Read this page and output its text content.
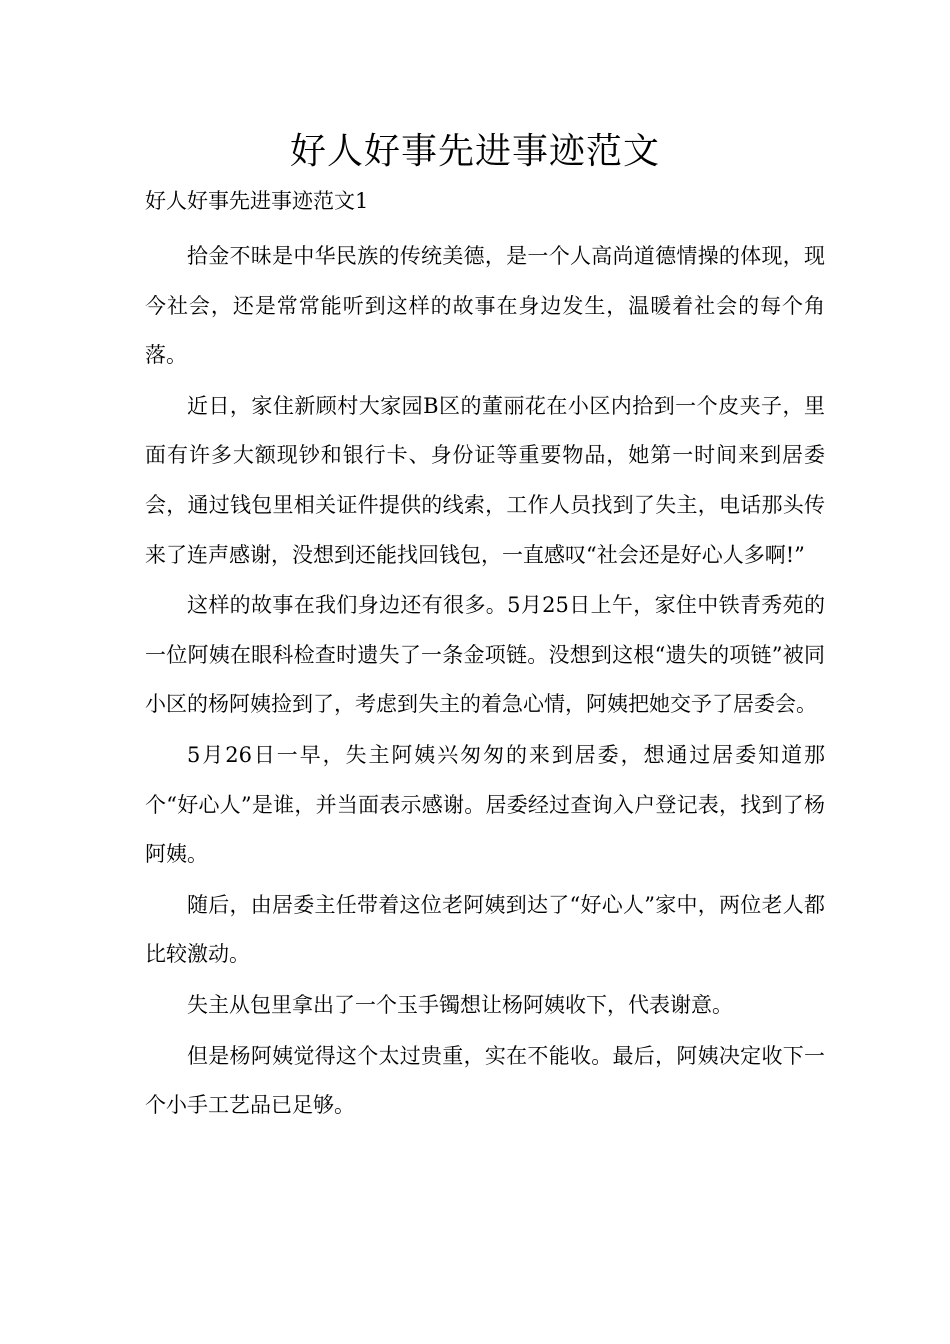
好人好事先进事迹范文

好人好事先进事迹范文1

拾金不昧是中华民族的传统美德，是一个人高尚道德情操的体现，现今社会，还是常常能听到这样的故事在身边发生，温暖着社会的每个角落。

近日，家住新顾村大家园B区的董丽花在小区内拾到一个皮夹子，里面有许多大额现钞和银行卡、身份证等重要物品，她第一时间来到居委会，通过钱包里相关证件提供的线索，工作人员找到了失主，电话那头传来了连声感谢，没想到还能找回钱包，一直感叹“社会还是好心人多啊!”

这样的故事在我们身边还有很多。5月25日上午，家住中铁青秀苑的一位阿姨在眼科检查时遗失了一条金项链。没想到这根“遗失的项链”被同小区的杨阿姨捡到了，考虑到失主的着急心情，阿姨把她交予了居委会。

5月26日一早，失主阿姨兴匆匆的来到居委，想通过居委知道那个“好心人”是谁，并当面表示感谢。居委经过查询入户登记表，找到了杨阿姨。

随后，由居委主任带着这位老阿姨到达了“好心人”家中，两位老人都比较激动。

失主从包里拿出了一个玉手镯想让杨阿姨收下，代表谢意。

但是杨阿姨觉得这个太过贵重，实在不能收。最后，阿姨决定收下一个小手工艺品已足够。
